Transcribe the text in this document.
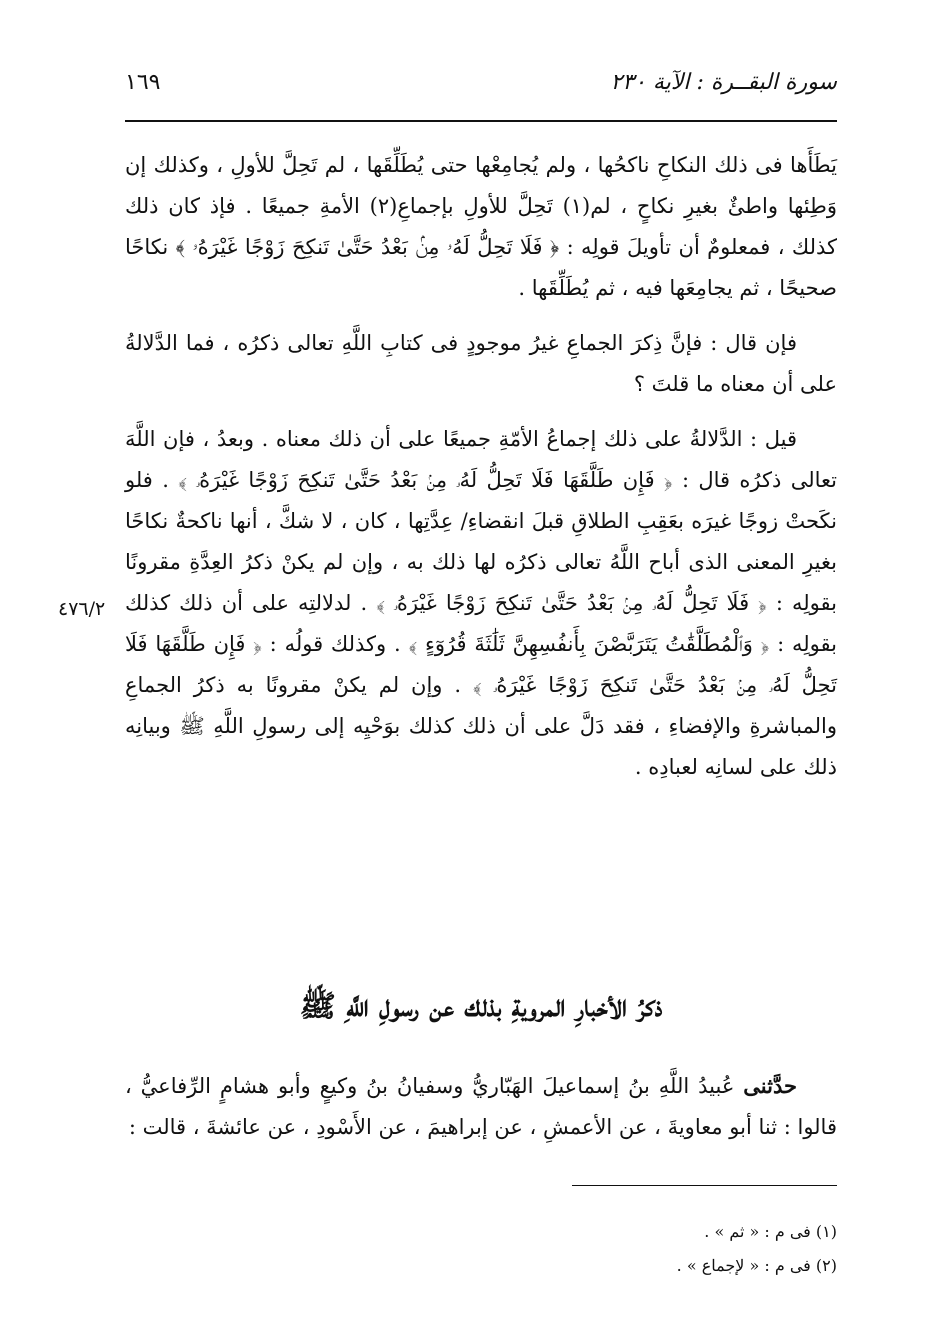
سورة البقــرة : الآية ٢٣٠
١٦٩

يَطَأَها فى ذلك النكاحِ ناكحُها ، ولم يُجامِعْها حتى يُطَلِّقَها ، لم تَحِلَّ للأولِ ، وكذلك إن وَطِئها واطئٌ بغيرِ نكاحٍ ، لم(١) تَحِلَّ للأولِ بإجماعِ(٢) الأمةِ جميعًا . فإذ كان ذلك كذلك ، فمعلومٌ أن تأويلَ قولِه : ﴿ فَلَا تَحِلُّ لَهُۥ مِنۢ بَعْدُ حَتَّىٰ تَنكِحَ زَوْجًا غَيْرَهُۥ ﴾ نكاحًا صحيحًا ، ثم يجامِعَها فيه ، ثم يُطَلِّقَها .

فإن قال : فإنَّ ذِكرَ الجماعِ غيرُ موجودٍ فى كتابِ اللَّهِ تعالى ذكرُه ، فما الدَّلالةُ على أن معناه ما قلتَ ؟

قيل : الدَّلالةُ على ذلك إجماعُ الأمّةِ جميعًا على أن ذلك معناه . وبعدُ ، فإن اللَّهَ تعالى ذكرُه قال : ﴿ فَإِن طَلَّقَهَا فَلَا تَحِلُّ لَهُۥ مِنۢ بَعْدُ حَتَّىٰ تَنكِحَ زَوْجًا غَيْرَهُۥ ﴾ . فلو نكَحتْ زوجًا غيرَه بعَقِبِ الطلاقِ قبلَ انقضاءِ/ عِدَّتِها ، كان ، لا شكَّ ، أنها ناكحةٌ نكاحًا بغيرِ المعنى الذى أباح اللَّهُ تعالى ذكرُه لها ذلك به ، وإن لم يكنْ ذكرُ العِدَّةِ مقرونًا بقولِه : ﴿ فَلَا تَحِلُّ لَهُۥ مِنۢ بَعْدُ حَتَّىٰ تَنكِحَ زَوْجًا غَيْرَهُۥ ﴾ . لدلالتِه على أن ذلك كذلك بقولِه : ﴿ وَٱلْمُطَلَّقَٰتُ يَتَرَبَّصْنَ بِأَنفُسِهِنَّ ثَلَٰثَةَ قُرُوٓءٍ ﴾ . وكذلك قولُه : ﴿ فَإِن طَلَّقَهَا فَلَا تَحِلُّ لَهُۥ مِنۢ بَعْدُ حَتَّىٰ تَنكِحَ زَوْجًا غَيْرَهُۥ ﴾ . وإن لم يكنْ مقرونًا به ذكرُ الجماعِ والمباشرةِ والإفضاءِ ، فقد دَلَّ على أن ذلك كذلك بوَحْيِه إلى رسولِ اللَّهِ ﷺ وبيانِه ذلك على لسانِه لعبادِه .

٤٧٦/٢
ذكرُ الأخبارِ المرويةِ بذلك عن رسولِ اللَّهِ ﷺ

حدَّثنى عُبيدُ اللَّهِ بنُ إسماعيلَ الهَبّاريُّ وسفيانُ بنُ وكيعٍ وأبو هشامٍ الرِّفاعيُّ ، قالوا : ثنا أبو معاويةَ ، عن الأعمشِ ، عن إبراهيمَ ، عن الأَسْودِ ، عن عائشةَ ، قالت :

(١) فى م : « ثم » .
(٢) فى م : « لإجماع » .
